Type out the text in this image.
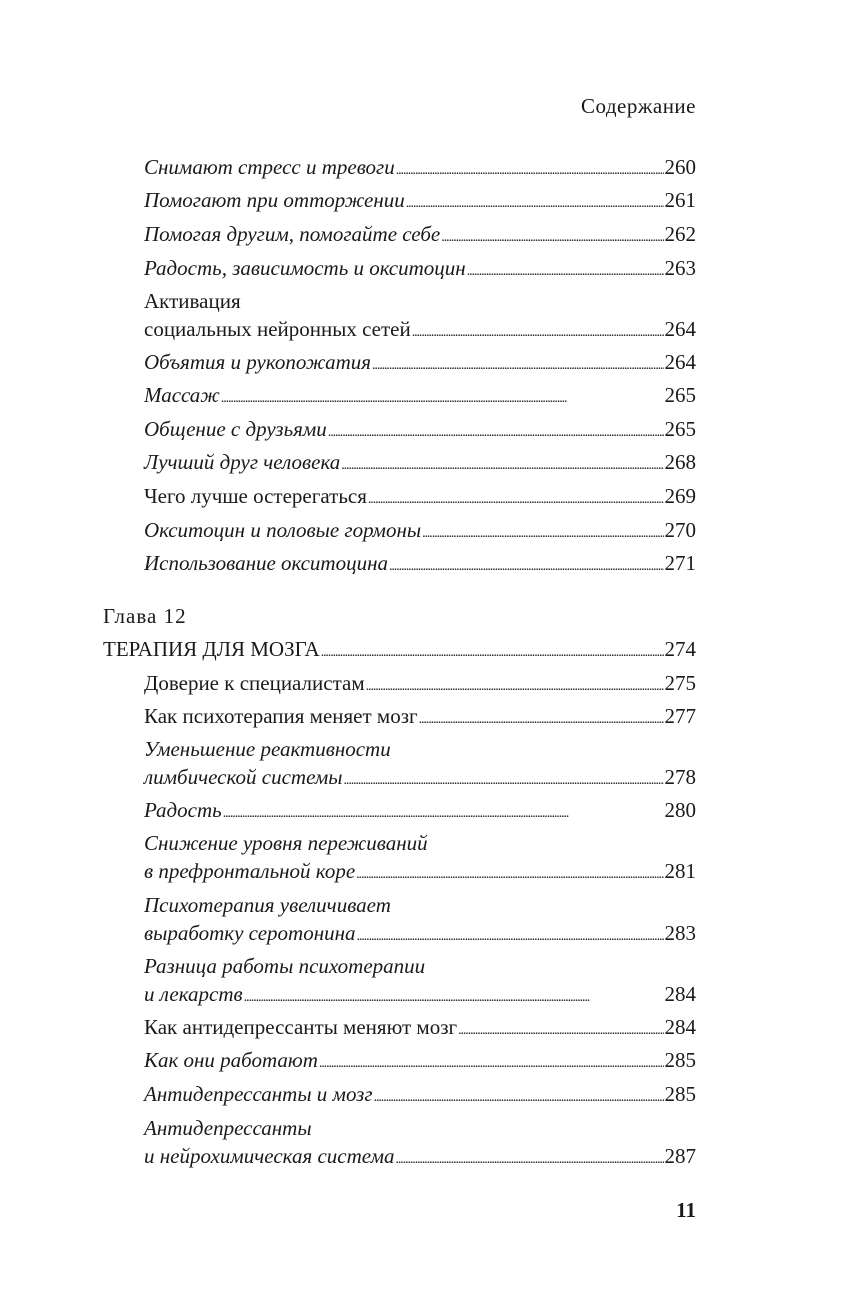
Содержание
Снимают стресс и тревоги . . .	260
Помогают при отторжении . . .	261
Помогая другим, помогайте себе . . .	262
Радость, зависимость и окситоцин . . .	263
Активация
социальных нейронных сетей . . .	264
Объятия и рукопожатия . . .	264
Массаж . . .	265
Общение с друзьями . . .	265
Лучший друг человека . . .	268
Чего лучше остерегаться . . .	269
Окситоцин и половые гормоны . . .	270
Использование окситоцина . . .	271
Глава 12
ТЕРАПИЯ ДЛЯ МОЗГА . . .	274
Доверие к специалистам . . .	275
Как психотерапия меняет мозг . . .	277
Уменьшение реактивности
лимбической системы . . .	278
Радость . . .	280
Снижение уровня переживаний
в префронтальной коре . . .	281
Психотерапия увеличивает
выработку серотонина . . .	283
Разница работы психотерапии
и лекарств . . .	284
Как антидепрессанты меняют мозг . . .	284
Как они работают . . .	285
Антидепрессанты и мозг . . .	285
Антидепрессанты
и нейрохимическая система . . .	287
11
